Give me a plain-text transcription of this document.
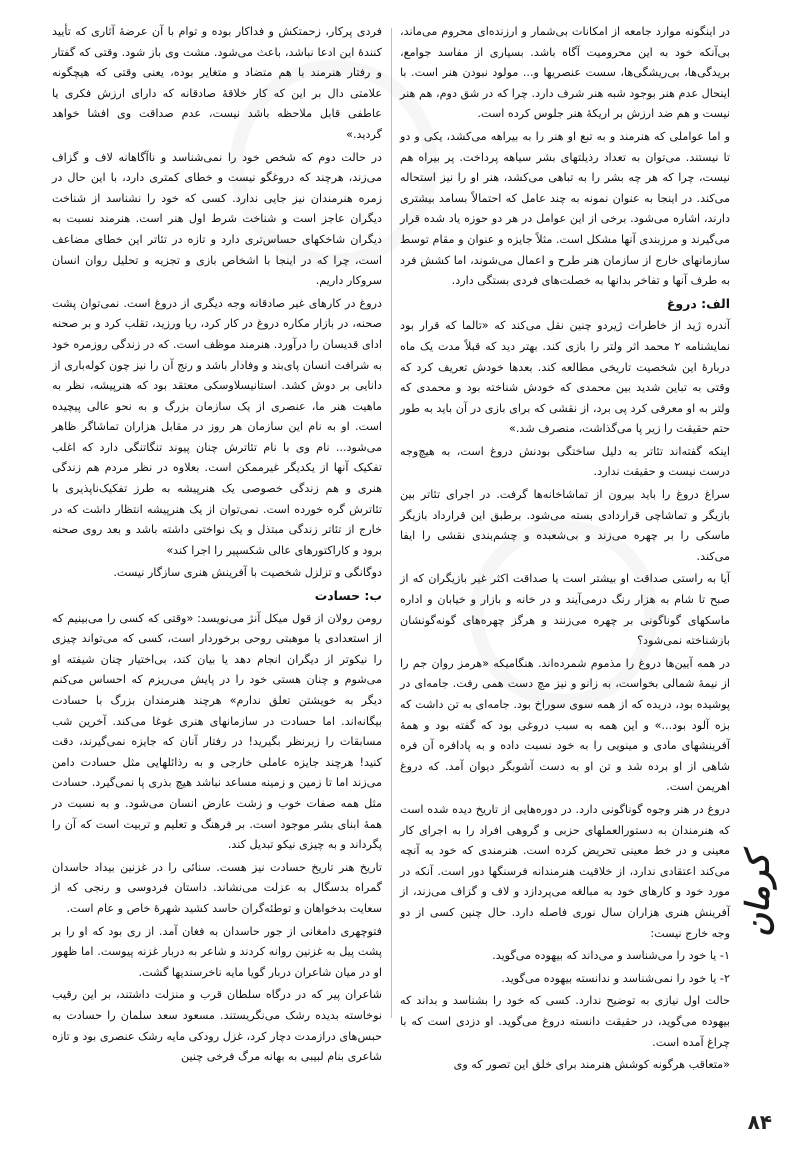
در اینگونه موارد جامعه از امکانات بی‌شمار و ارزنده‌ای محروم می‌ماند، بی‌آنکه خود به این محرومیت آگاه باشد. بسیاری از مفاسد جوامع، بریدگی‌ها، بی‌ریشگی‌ها، سست عنصریها و... مولود نبودن هنر است. با اینحال عدم هنر بوجود شبه هنر شرف دارد. چرا که در شق دوم، هم هنر نیست و هم ضد ارزش بر اریکهٔ هنر جلوس کرده است.

و اما عواملی که هنرمند و به تبع او هنر را به بیراهه می‌کشد، یکی و دو تا نیستند. می‌توان به تعداد رذیلتهای بشر سیاهه پرداخت. پر بیراه هم نیست، چرا که هر چه بشر را به تباهی می‌کشد، هنر او را نیز استحاله می‌کند. در اینجا به عنوان نمونه به چند عامل که احتمالاً بسامد بیشتری دارند، اشاره می‌شود. برخی از این عوامل در هر دو حوزه یاد شده قرار می‌گیرند و مرزبندی آنها مشکل است. مثلاً جایزه و عنوان و مقام توسط سازمانهای خارج از سازمان هنر طرح و اعمال می‌شوند، اما کشش فرد به طرف آنها و تفاخر بدانها به خصلت‌های فردی بستگی دارد.

الف: دروغ

آندره ژید از خاطرات ژیردو چنین نقل می‌کند که «تالما که قرار بود نمایشنامه ۲ محمد اثر ولتر را بازی کند. بهتر دید که قبلاً مدت یک ماه دربارهٔ این شخصیت تاریخی مطالعه کند. بعدها خودش تعریف کرد که وقتی به تباین شدید بین محمدی که خودش شناخته بود و محمدی که ولتر به او معرفی کرد پی برد، از نقشی که برای بازی در آن باید به طور حتم حقیقت را زیر پا می‌گذاشت، منصرف شد.»

اینکه گفته‌اند تئاتر به دلیل ساختگی بودنش دروغ است، به هیچ‌وجه درست نیست و حقیقت ندارد.

سراغ دروغ را باید بیرون از تماشاخانه‌ها گرفت. در اجرای تئاتر بین بازیگر و تماشاچی قراردادی بسته می‌شود. برطبق این قرارداد بازیگر ماسکی را بر چهره می‌زند و بی‌شعبده و چشم‌بندی نقشی را ایفا می‌کند.

آیا به راستی صداقت او بیشتر است یا صداقت اکثر غیر بازیگران که از صبح تا شام به هزار رنگ درمی‌آیند و در خانه و بازار و خیابان و اداره ماسکهای گوناگونی بر چهره می‌زنند و هرگز چهره‌های گونه‌گونشان بازشناخته نمی‌شود؟

در همه آیین‌ها دروغ را مذموم شمرده‌اند. هنگامیکه «هرمز روان جم را از نیمهٔ شمالی بخواست، به زانو و نیز مچ دست همی رفت. جامه‌ای در پوشیده بود، دریده که از همه سوی سوراخ بود. جامه‌ای به تن داشت که بزه آلود بود...» و این همه به سبب دروغی بود که گفته بود و همهٔ آفرینشهای مادی و مینویی را به خود نسبت داده و به پادافره آن فره شاهی از او برده شد و تن او به دست آشوبگر دیوان آمد. که دروغ اهریمن است.

دروغ در هنر وجوه گوناگونی دارد. در دوره‌هایی از تاریخ دیده شده است که هنرمندان به دستورالعملهای حزبی و گروهی افراد را به اجرای کار معینی و در خط معینی تحریض کرده است. هنرمندی که خود به آنچه می‌کند اعتقادی ندارد، از خلاقیت هنرمندانه فرسنگها دور است. آنکه در مورد خود و کارهای خود به مبالغه می‌پردازد و لاف و گزاف می‌زند، از آفرینش هنری هزاران سال نوری فاصله دارد. حال چنین کسی از دو وجه خارج نیست:

۱- یا خود را می‌شناسد و می‌داند که بیهوده می‌گوید.

۲- یا خود را نمی‌شناسد و ندانسته بیهوده می‌گوید.

حالت اول نیازی به توضیح ندارد. کسی که خود را بشناسد و بداند که بیهوده می‌گوید، در حقیقت دانسته دروغ می‌گوید. او دزدی است که با چراغ آمده است.

«متعاقب هرگونه کوشش هنرمند برای خلق این تصور که وی

فردی پرکار، زحمتکش و فداکار بوده و توام با آن عرضهٔ آثاری که تأیید کنندهٔ این ادعا نباشد، باعث می‌شود. مشت وی باز شود. وقتی که گفتار و رفتار هنرمند با هم متضاد و متغایر بوده، یعنی وقتی که هیچگونه علامتی دال بر این که کار خلاقهٔ صادقانه که دارای ارزش فکری یا عاطفی قابل ملاحظه باشد نیست، عدم صداقت وی افشا خواهد گردید.»

در حالت دوم که شخص خود را نمی‌شناسد و ناآگاهانه لاف و گزاف می‌زند، هرچند که دروغگو نیست و خطای کمتری دارد، با این حال در زمره هنرمندان نیز جایی ندارد. کسی که خود را نشناسد از شناخت دیگران عاجز است و شناخت شرط اول هنر است. هنرمند نسبت به دیگران شاخکهای حساس‌تری دارد و تازه در تئاتر این خطای مضاعف است، چرا که در اینجا با اشخاص بازی و تجزیه و تحلیل روان انسان سروکار داریم.

دروغ در کارهای غیر صادقانه وجه دیگری از دروغ است. نمی‌توان پشت صحنه، در بازار مکاره دروغ در کار کرد، ریا ورزید، تقلب کرد و بر صحنه ادای قدیسان را درآورد. هنرمند موظف است. که در زندگی روزمره خود به شرافت انسان پای‌بند و وفادار باشد و رنج آن را نیز چون کوله‌باری از دانایی بر دوش کشد. استانیسلاوسکی معتقد بود که هنرپیشه، نظر به ماهیت هنر ما، عنصری از یک سازمان بزرگ و به نحو عالی پیچیده است. او به نام این سازمان هر روز در مقابل هزاران تماشاگر ظاهر می‌شود... نام وی با نام تئاترش چنان پیوند تنگاتنگی دارد که اغلب تفکیک آنها از یکدیگر غیرممکن است. بعلاوه در نظر مردم هم زندگی هنری و هم زندگی خصوصی یک هنرپیشه به طرز تفکیک‌ناپذیری با تئاترش گره خورده است. نمی‌توان از یک هنرپیشه انتظار داشت که در خارج از تئاتر زندگی مبتذل و یک نواختی داشته باشد و بعد روی صحنه برود و کاراکتورهای عالی شکسپیر را اجرا کند»

دوگانگی و تزلزل شخصیت با آفرینش هنری سازگار نیست.

ب: حسادت

رومن رولان از قول میکل آنژ می‌نویسد: «وقتی که کسی را می‌بینیم که از استعدادی یا موهبتی روحی برخوردار است، کسی که می‌تواند چیزی را نیکوتر از دیگران انجام دهد یا بیان کند، بی‌اختیار چنان شیفته او می‌شوم و چنان هستی خود را در پایش می‌ریزم که احساس می‌کنم دیگر به خویشتن تعلق ندارم» هرچند هنرمندان بزرگ با حسادت بیگانه‌اند. اما حسادت در سازمانهای هنری غوغا می‌کند. آخرین شب مسابقات را زیرنظر بگیرید! در رفتار آنان که جایزه نمی‌گیرند، دقت کنید! هرچند جایزه عاملی خارجی و به رذائلهایی مثل حسادت دامن می‌زند اما تا زمین و زمینه مساعد نباشد هیچ بذری پا نمی‌گیرد. حسادت مثل همه صفات خوب و زشت عارض انسان می‌شود. و به نسبت در همهٔ ابنای بشر موجود است. بر فرهنگ و تعلیم و تربیت است که آن را پگرداند و به چیزی نیکو تبدیل کند.

تاریخ هنر تاریخ حسادت نیز هست. سنائی را در غزنین بیداد حاسدان گمراه بدسگال به عزلت می‌نشاند. داستان فردوسی و رنجی که از سعایت بدخواهان و توطئه‌گران حاسد کشید شهرهٔ خاص و عام است.

فتوچهری دامغانی از جور حاسدان به فغان آمد. از ری بود که او را بر پشت پیل به غزنین روانه کردند و شاعر به دربار غزنه پیوست. اما ظهور او در میان شاعران دربار گویا مایه ناخرسندیها گشت.

شاعران پیر که در درگاه سلطان قرب و منزلت داشتند، بر این رقیب نوخاسته بدیده رشک می‌نگریستند. مسعود سعد سلمان را حسادت به حبس‌های درازمدت دچار کرد، غزل رودکی مایه رشک عنصری بود و تازه شاعری بنام لبیبی به بهانه مرگ فرخی چنین

کرمان
۸۴
